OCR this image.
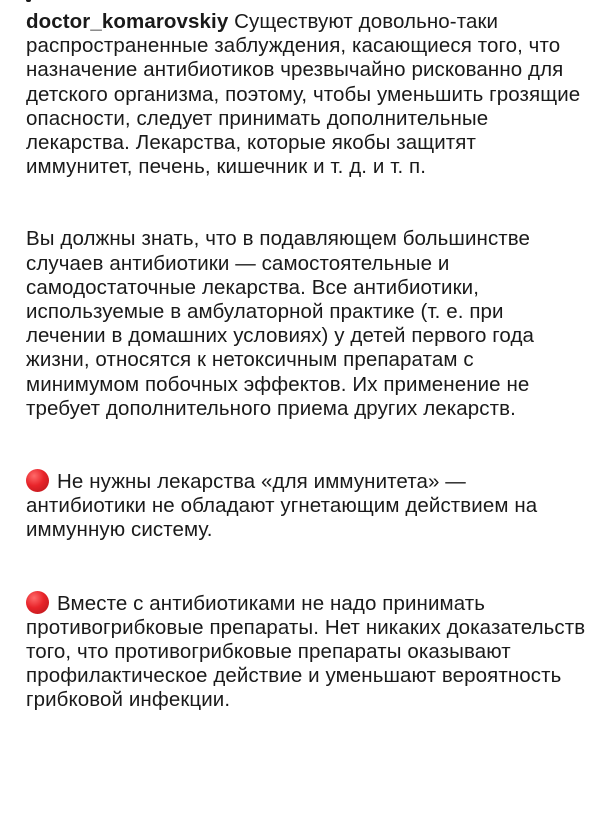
doctor_komarovskiy Существуют довольно-таки распространенные заблуждения, касающиеся того, что назначение антибиотиков чрезвычайно рискованно для детского организма, поэтому, чтобы уменьшить грозящие опасности, следует принимать дополнительные лекарства. Лекарства, которые якобы защитят иммунитет, печень, кишечник и т. д. и т. п.

Вы должны знать, что в подавляющем большинстве случаев антибиотики — самостоятельные и самодостаточные лекарства. Все антибиотики, используемые в амбулаторной практике (т. е. при лечении в домашних условиях) у детей первого года жизни, относятся к нетоксичным препаратам с минимумом побочных эффектов. Их применение не требует дополнительного приема других лекарств.

Не нужны лекарства «для иммунитета» — антибиотики не обладают угнетающим действием на иммунную систему.

Вместе с антибиотиками не надо принимать противогрибковые препараты. Нет никаких доказательств того, что противогрибковые препараты оказывают профилактическое действие и уменьшают вероятность грибковой инфекции.
